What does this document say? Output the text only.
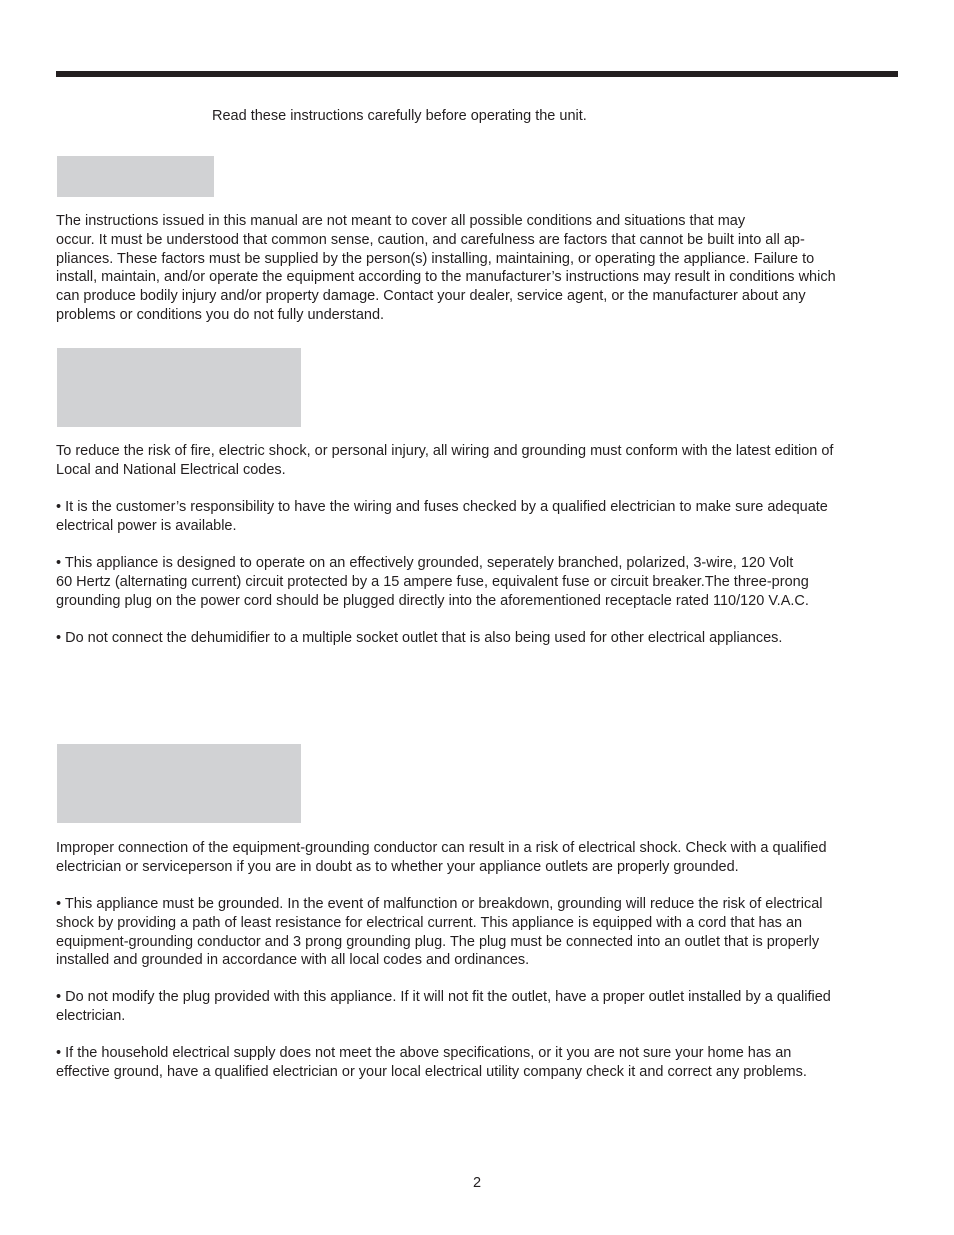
Read these instructions carefully before operating the unit.

The instructions issued in this manual are not meant to cover all possible conditions and situations that may
occur. It must be understood that common sense, caution, and carefulness are factors that cannot be built into all ap-
pliances. These factors must be supplied by the person(s) installing, maintaining, or operating the appliance. Failure to
install, maintain, and/or operate the equipment according to the manufacturer’s instructions may result in conditions which
can produce bodily injury and/or property damage. Contact your dealer, service agent, or the manufacturer about any
problems or conditions you do not fully understand.

To reduce the risk of fire, electric shock, or personal injury, all wiring and grounding must conform with the latest edition of
Local and National Electrical codes.

• It is the customer’s responsibility to have the wiring and fuses checked by a qualified electrician to make sure adequate
electrical power is available.

• This appliance is designed to operate on an effectively grounded, seperately branched, polarized, 3-wire, 120 Volt
60 Hertz (alternating current) circuit protected by a 15 ampere fuse, equivalent fuse or circuit breaker.The three-prong
grounding plug on the power cord should be plugged directly into the aforementioned receptacle rated 110/120 V.A.C.

• Do not connect the dehumidifier to a multiple socket outlet that is also being used for other electrical appliances.

Improper connection of the equipment-grounding conductor can result in a risk of electrical shock. Check with a qualified
electrician or serviceperson if you are in doubt as to whether your appliance outlets are properly grounded.

• This appliance must be grounded. In the event of malfunction or breakdown, grounding will reduce the risk of electrical
shock by providing a path of least resistance for electrical current. This appliance is equipped with a cord that has an
equipment-grounding conductor and 3 prong grounding plug. The plug must be connected into an outlet that is properly
installed and grounded in accordance with all local codes and ordinances.

• Do not modify the plug provided with this appliance. If it will not fit the outlet, have a proper outlet installed by a qualified
electrician.

• If the household electrical supply does not meet the above specifications, or it you are not sure your home has an
effective ground, have a qualified electrician or your local electrical utility company check it and correct any problems.

2
